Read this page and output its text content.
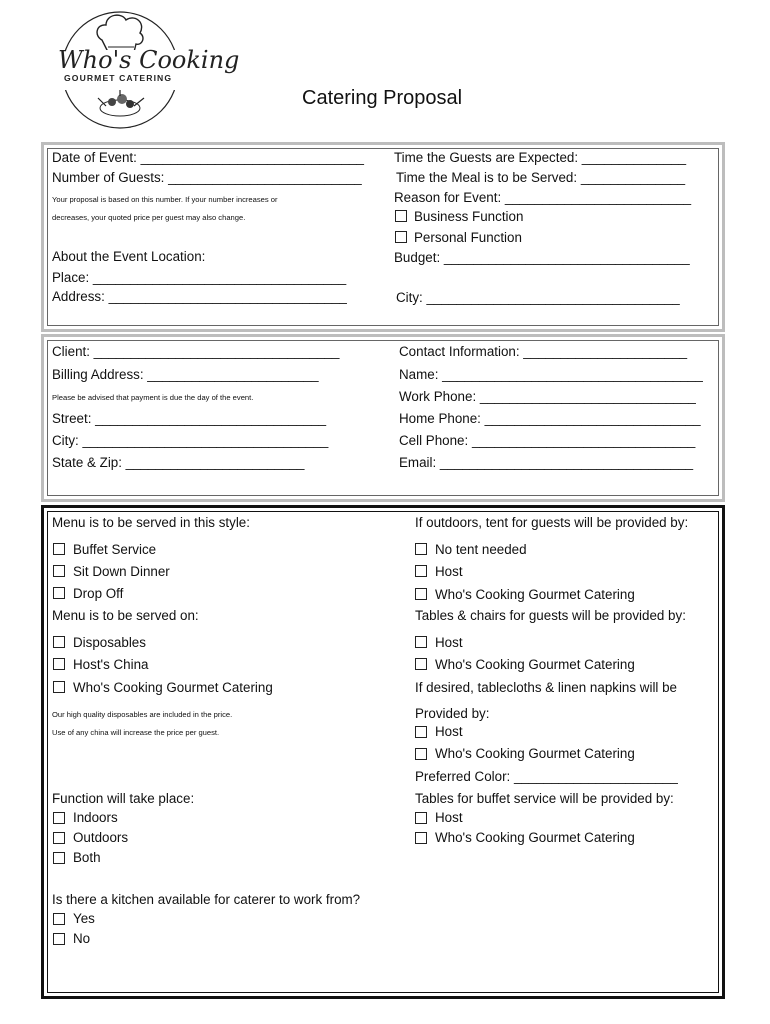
Who's Cooking
GOURMET CATERING
Catering Proposal
Date of Event: ______________________________
Number of Guests: __________________________
Your proposal is based on this number. If your number increases or
decreases, your quoted price per guest may also change.
About the Event Location:
Place: __________________________________
Address: ________________________________
Time the Guests are Expected: ______________
Time the Meal is to be Served: ______________
Reason for Event: _________________________
Business Function
Personal Function
Budget: _________________________________
City: __________________________________
Client: _________________________________
Billing Address: _______________________
Please be advised that payment is due the day of the event.
Street: _______________________________
City: _________________________________
State & Zip: ________________________
Contact Information: ______________________
Name: ___________________________________
Work Phone: _____________________________
Home Phone: _____________________________
Cell Phone: ______________________________
Email: __________________________________
Menu is to be served in this style:
Buffet Service
Sit Down Dinner
Drop Off
Menu is to be served on:
Disposables
Host's China
Who's Cooking Gourmet Catering
Our high quality disposables are included in the price.
Use of any china will increase the price per guest.
Function will take place:
Indoors
Outdoors
Both
Is there a kitchen available for caterer to work from?
Yes
No
If outdoors, tent for guests will be provided by:
No tent needed
Host
Who's Cooking Gourmet Catering
Tables & chairs for guests will be provided by:
Host
Who's Cooking Gourmet Catering
If desired, tablecloths & linen napkins will be
Provided by:
Host
Who's Cooking Gourmet Catering
Preferred Color: ______________________
Tables for buffet service will be provided by:
Host
Who's Cooking Gourmet Catering
